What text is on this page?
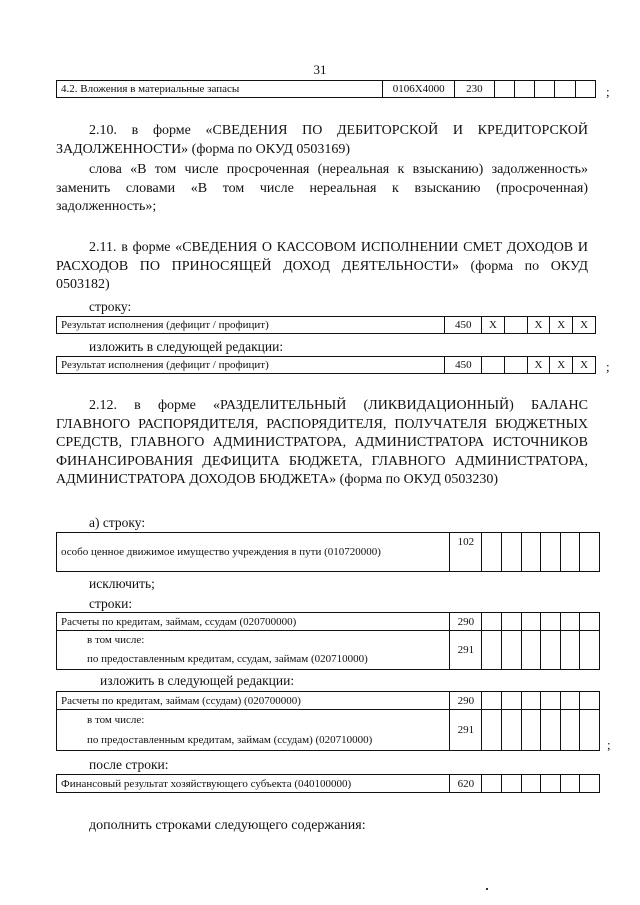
31
4.2. Вложения в материальные запасы	0106Х4000	230						;
2.10. в форме «СВЕДЕНИЯ ПО ДЕБИТОРСКОЙ И КРЕДИТОРСКОЙ ЗАДОЛЖЕННОСТИ» (форма по ОКУД 0503169)
слова «В том числе просроченная (нереальная к взысканию) задолженность» заменить словами «В том числе нереальная к взысканию (просроченная) задолженность»;
2.11. в форме «СВЕДЕНИЯ О КАССОВОМ ИСПОЛНЕНИИ СМЕТ ДОХОДОВ И РАСХОДОВ ПО ПРИНОСЯЩЕЙ ДОХОД ДЕЯТЕЛЬНОСТИ» (форма по ОКУД 0503182)
строку:
Результат исполнения (дефицит / профицит)	450	X		X	X	X
изложить в следующей редакции:
Результат исполнения (дефицит / профицит)	450			X	X	X ;
2.12. в форме «РАЗДЕЛИТЕЛЬНЫЙ (ЛИКВИДАЦИОННЫЙ) БАЛАНС ГЛАВНОГО РАСПОРЯДИТЕЛЯ, РАСПОРЯДИТЕЛЯ, ПОЛУЧАТЕЛЯ БЮДЖЕТНЫХ СРЕДСТВ, ГЛАВНОГО АДМИНИСТРАТОРА, АДМИНИСТРАТОРА ИСТОЧНИКОВ ФИНАНСИРОВАНИЯ ДЕФИЦИТА БЮДЖЕТА, ГЛАВНОГО АДМИНИСТРАТОРА, АДМИНИСТРАТОРА ДОХОДОВ БЮДЖЕТА» (форма по ОКУД 0503230)
а) строку:
особо ценное движимое имущество учреждения в пути (010720000)	102						
исключить;
строки:
Расчеты по кредитам, займам, ссудам (020700000)	290						

в том числе:
по предоставленным кредитам, ссудам, займам (020710000)	291						
изложить в следующей редакции:
Расчеты по кредитам, займам (ссудам) (020700000)	290						

в том числе:
по предоставленным кредитам, займам (ссудам) (020710000)	291						
;
после строки:
Финансовый результат хозяйствующего субъекта (040100000)	620						
дополнить строками следующего содержания:
